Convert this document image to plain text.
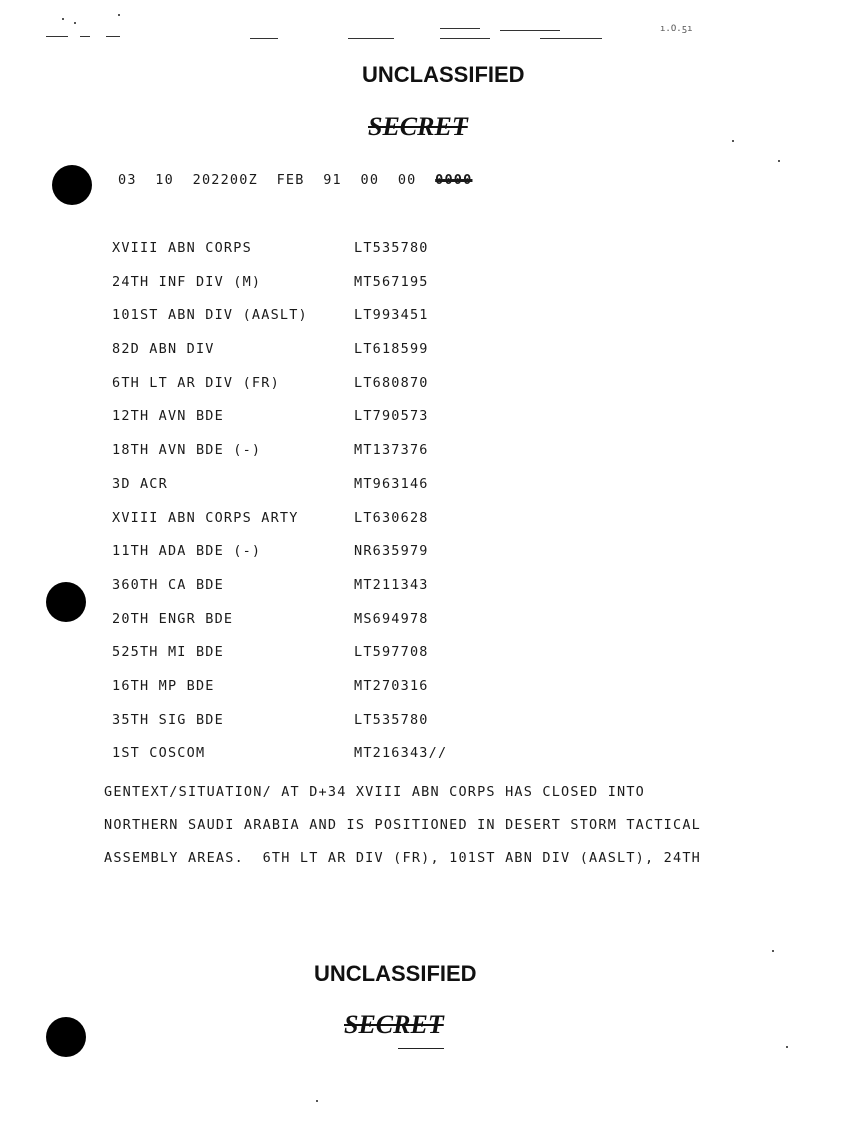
ı.O.ƽı
UNCLASSIFIED
SECRET
03  10  202200Z  FEB  91  00  00 0000
XVIII ABN CORPS	LT535780
24TH INF DIV (M)	MT567195
101ST ABN DIV (AASLT)	LT993451
82D ABN DIV	LT618599
6TH LT AR DIV (FR)	LT680870
12TH AVN BDE	LT790573
18TH AVN BDE (-)	MT137376
3D ACR	MT963146
XVIII ABN CORPS ARTY	LT630628
11TH ADA BDE (-)	NR635979
360TH CA BDE	MT211343
20TH ENGR BDE	MS694978
525TH MI BDE	LT597708
16TH MP BDE	MT270316
35TH SIG BDE	LT535780
1ST COSCOM	MT216343//
GENTEXT/SITUATION/ AT D+34 XVIII ABN CORPS HAS CLOSED INTO
NORTHERN SAUDI ARABIA AND IS POSITIONED IN DESERT STORM TACTICAL
ASSEMBLY AREAS.  6TH LT AR DIV (FR), 101ST ABN DIV (AASLT), 24TH
UNCLASSIFIED
SECRET
